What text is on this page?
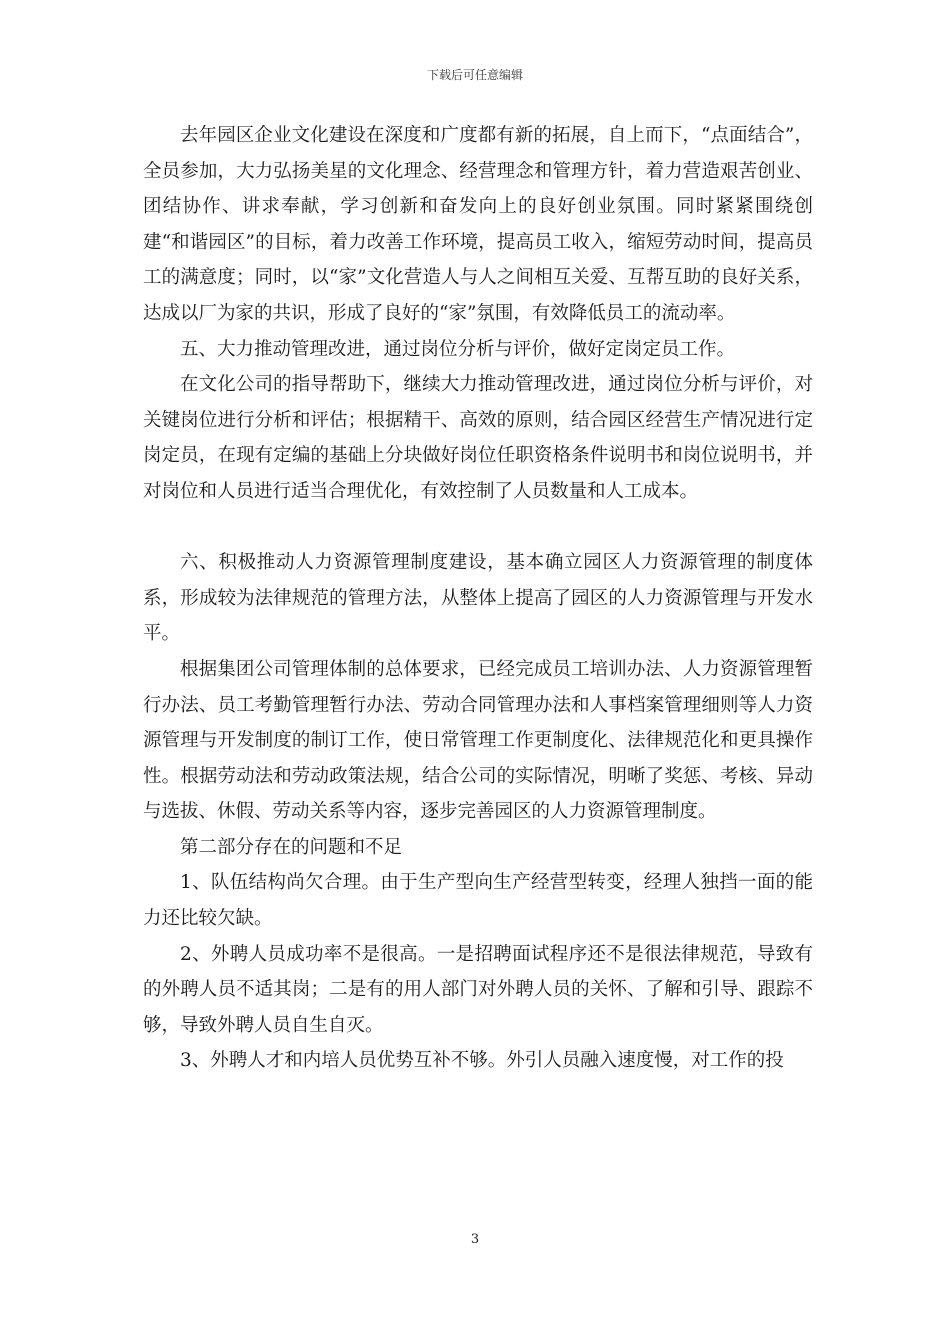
下载后可任意编辑

去年园区企业文化建设在深度和广度都有新的拓展，自上而下，“点面结合”，全员参加，大力弘扬美星的文化理念、经营理念和管理方针，着力营造艰苦创业、团结协作、讲求奉献，学习创新和奋发向上的良好创业氛围。同时紧紧围绕创建“和谐园区”的目标，着力改善工作环境，提高员工收入，缩短劳动时间，提高员工的满意度；同时，以“家”文化营造人与人之间相互关爱、互帮互助的良好关系，达成以厂为家的共识，形成了良好的“家”氛围，有效降低员工的流动率。

五、大力推动管理改进，通过岗位分析与评价，做好定岗定员工作。

在文化公司的指导帮助下，继续大力推动管理改进，通过岗位分析与评价，对关键岗位进行分析和评估；根据精干、高效的原则，结合园区经营生产情况进行定岗定员，在现有定编的基础上分块做好岗位任职资格条件说明书和岗位说明书，并对岗位和人员进行适当合理优化，有效控制了人员数量和人工成本。

六、积极推动人力资源管理制度建设，基本确立园区人力资源管理的制度体系，形成较为法律规范的管理方法，从整体上提高了园区的人力资源管理与开发水平。

根据集团公司管理体制的总体要求，已经完成员工培训办法、人力资源管理暂行办法、员工考勤管理暂行办法、劳动合同管理办法和人事档案管理细则等人力资源管理与开发制度的制订工作，使日常管理工作更制度化、法律规范化和更具操作性。根据劳动法和劳动政策法规，结合公司的实际情况，明晰了奖惩、考核、异动与选拔、休假、劳动关系等内容，逐步完善园区的人力资源管理制度。

第二部分存在的问题和不足

1、队伍结构尚欠合理。由于生产型向生产经营型转变，经理人独挡一面的能力还比较欠缺。

2、外聘人员成功率不是很高。一是招聘面试程序还不是很法律规范，导致有的外聘人员不适其岗；二是有的用人部门对外聘人员的关怀、了解和引导、跟踪不够，导致外聘人员自生自灭。

3、外聘人才和内培人员优势互补不够。外引人员融入速度慢，对工作的投

3
